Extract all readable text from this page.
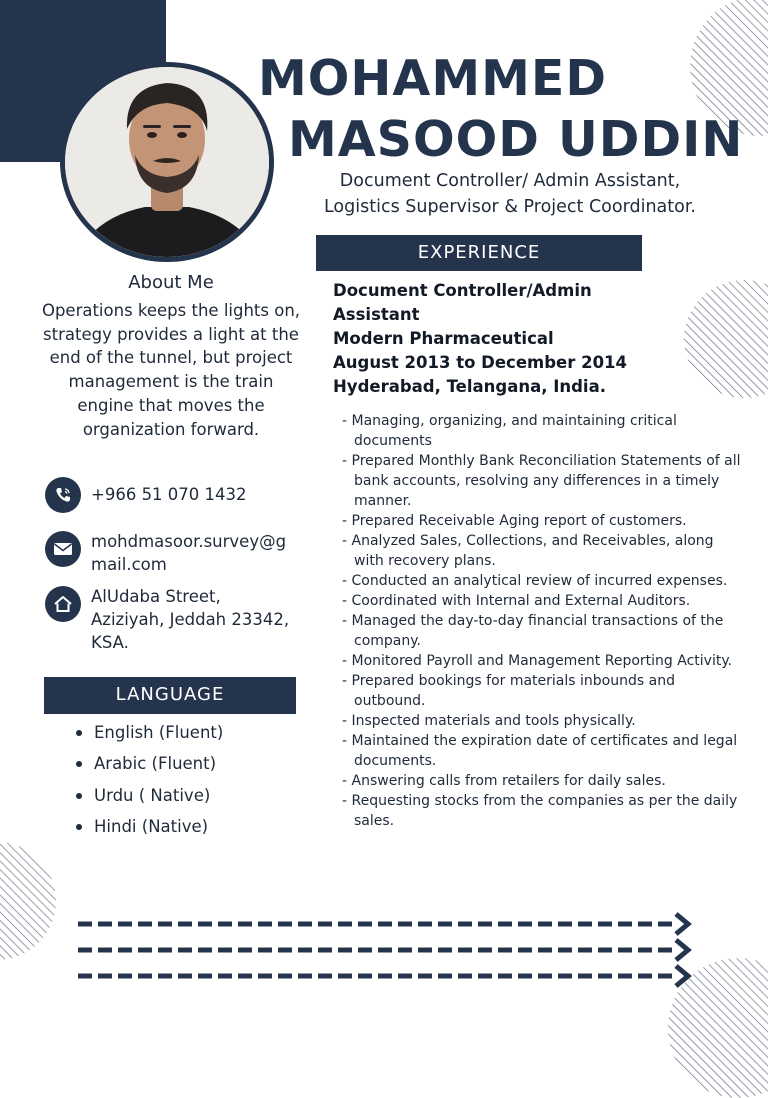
MOHAMMED
MASOOD UDDIN
Document Controller/ Admin Assistant,
Logistics Supervisor & Project Coordinator.
About Me
Operations keeps the lights on, strategy provides a light at the end of the tunnel, but project management is the train engine that moves the organization forward.
+966 51 070 1432
mohdmasoor.survey@g
mail.com
AlUdaba Street,
Aziziyah, Jeddah 23342,
KSA.
LANGUAGE
English (Fluent)
Arabic (Fluent)
Urdu ( Native)
Hindi (Native)
EXPERIENCE
Document Controller/Admin
Assistant
Modern Pharmaceutical
August 2013 to December 2014
Hyderabad, Telangana, India.
- Managing, organizing, and maintaining critical documents
- Prepared Monthly Bank Reconciliation Statements of all bank accounts, resolving any differences in a timely manner.
- Prepared Receivable Aging report of customers.
- Analyzed Sales, Collections, and Receivables, along with recovery plans.
- Conducted an analytical review of incurred expenses.
- Coordinated with Internal and External Auditors.
- Managed the day-to-day financial transactions of the company.
- Monitored Payroll and Management Reporting Activity.
- Prepared bookings for materials inbounds and outbound.
- Inspected materials and tools physically.
- Maintained the expiration date of certificates and legal documents.
- Answering calls from retailers for daily sales.
- Requesting stocks from the companies as per the daily sales.
